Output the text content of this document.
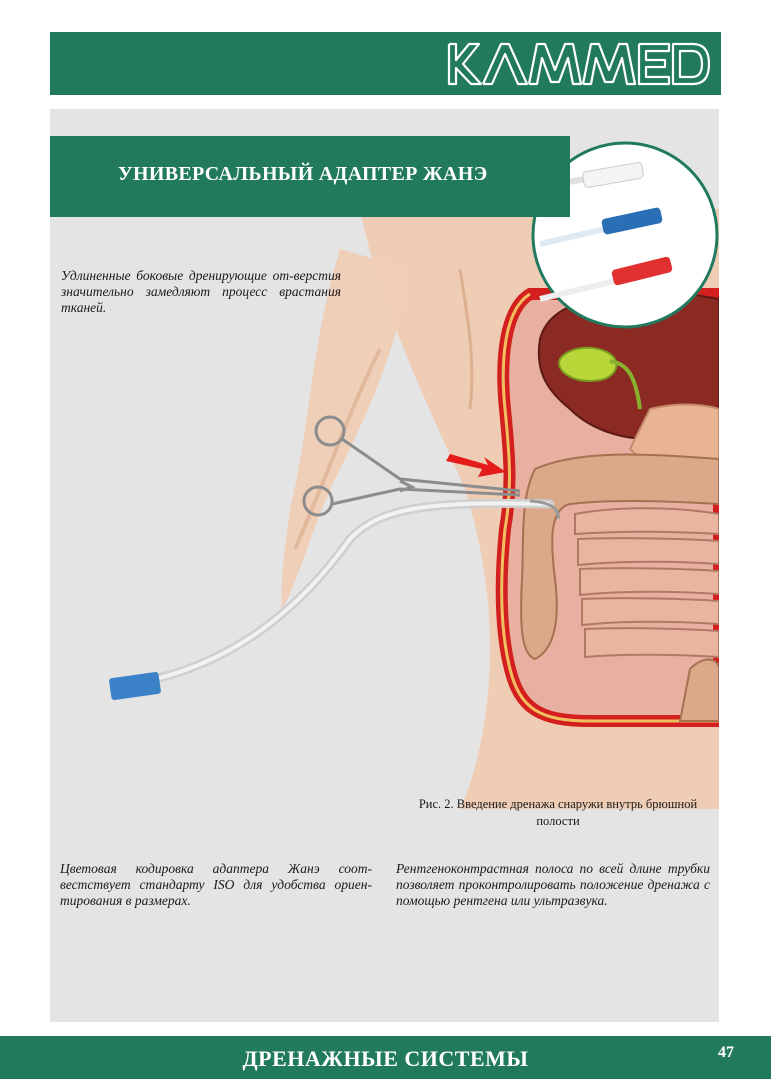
УНИВЕРСАЛЬНЫЙ АДАПТЕР ЖАНЭ
Удлиненные боковые дренирующие от-верстия значительно замедляют процесс врастания тканей.
Рис. 2. Введение дренажа снаружи внутрь брюшной полости
Цветовая кодировка адаптера Жанэ соот-вестствует стандарту ISO для удобства ориен-тирования в размерах.
Рентгеноконтрастная полоса по всей длине трубки позволяет проконтролировать положение дренажа с помощью рентгена или ультразвука.
ДРЕНАЖНЫЕ СИСТЕМЫ	47
